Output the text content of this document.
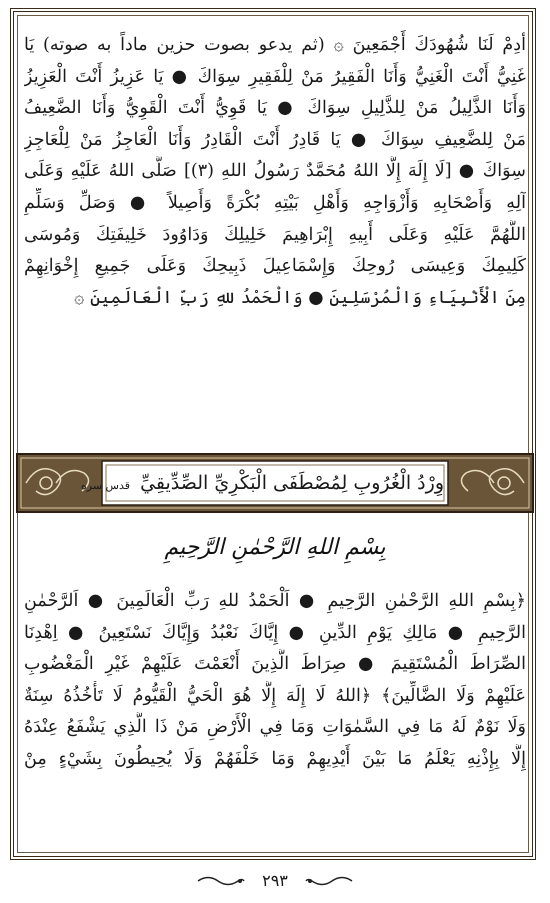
أدِمْ لَنَا شُهُودَكَ أَجْمَعِينَ ۞ (ثم يدعو بصوت حزين ماداً به صوته) يَا
غَنِيُّ أَنْتَ الْغَنِيُّ وَأَنَا الْفَقِيرُ مَنْ لِلْفَقِيرِ سِوَاكَ ● يَا عَزِيزُ أَنْتَ الْعَزِيزُ
وَأَنَا الذَّلِيلُ مَنْ لِلذَّلِيلِ سِوَاكَ ● يَا قَوِيُّ أَنْتَ الْقَوِيُّ وَأَنَا الضَّعِيفُ
مَنْ لِلضَّعِيفِ سِوَاكَ ● يَا قَادِرُ أَنْتَ الْقَادِرُ وَأَنَا الْعَاجِزُ مَنْ لِلْعَاجِزِ
سِوَاكَ ● [لَا إِلَهَ إِلَّا اللهُ مُحَمَّدٌ رَسُولُ اللهِ (٣)] صَلَّى اللهُ عَلَيْهِ وَعَلَى
آلِهِ وَأَصْحَابِهِ وَأَزْوَاجِهِ وَأَهْلِ بَيْتِهِ بُكْرَةً وَأَصِيلاً ● وَصَلِّ وَسَلِّمِ
اللَّهُمَّ عَلَيْهِ وَعَلَى أَبِيهِ إِبْرَاهِيمَ خَلِيلِكَ وَدَاوُودَ خَلِيفَتِكَ وَمُوسَى
كَلِيمِكَ وَعِيسَى رُوحِكَ وَإِسْمَاعِيلَ ذَبِيحِكَ وَعَلَى جَمِيعِ إِخْوَانِهِمْ
مِنَ الْأَنْبِيَاءِ وَالْمُرْسَلِينَ ● وَالْحَمْدُ للهِ رَبِّ الْعَالَمِينَ ۞
وِرْدُ الْغُرُوبِ لِمُصْطَفَى الْبَكْرِيِّ الصِّدِّيقِيِّ قدس سره
بِسْمِ اللهِ الرَّحْمٰنِ الرَّحِيمِ
﴿بِسْمِ اللهِ الرَّحْمٰنِ الرَّحِيمِ ● اَلْحَمْدُ للهِ رَبِّ الْعَالَمِينَ ● اَلرَّحْمٰنِ
الرَّحِيمِ ● مَالِكِ يَوْمِ الدِّينِ ● إِيَّاكَ نَعْبُدُ وَإِيَّاكَ نَسْتَعِينُ ● اِهْدِنَا
الصِّرَاطَ الْمُسْتَقِيمَ ● صِرَاطَ الَّذِينَ أَنْعَمْتَ عَلَيْهِمْ غَيْرِ الْمَغْضُوبِ
عَلَيْهِمْ وَلَا الضَّالِّينَ﴾ ﴿اللهُ لَا إِلَهَ إِلَّا هُوَ الْحَيُّ الْقَيُّومُ لَا تَأْخُذُهُ سِنَةٌ
وَلَا نَوْمٌ لَهُ مَا فِي السَّمٰوَاتِ وَمَا فِي الْأَرْضِ مَنْ ذَا الَّذِي يَشْفَعُ عِنْدَهُ
إِلَّا بِإِذْنِهِ يَعْلَمُ مَا بَيْنَ أَيْدِيهِمْ وَمَا خَلْفَهُمْ وَلَا يُحِيطُونَ بِشَيْءٍ مِنْ
٢٩٣
